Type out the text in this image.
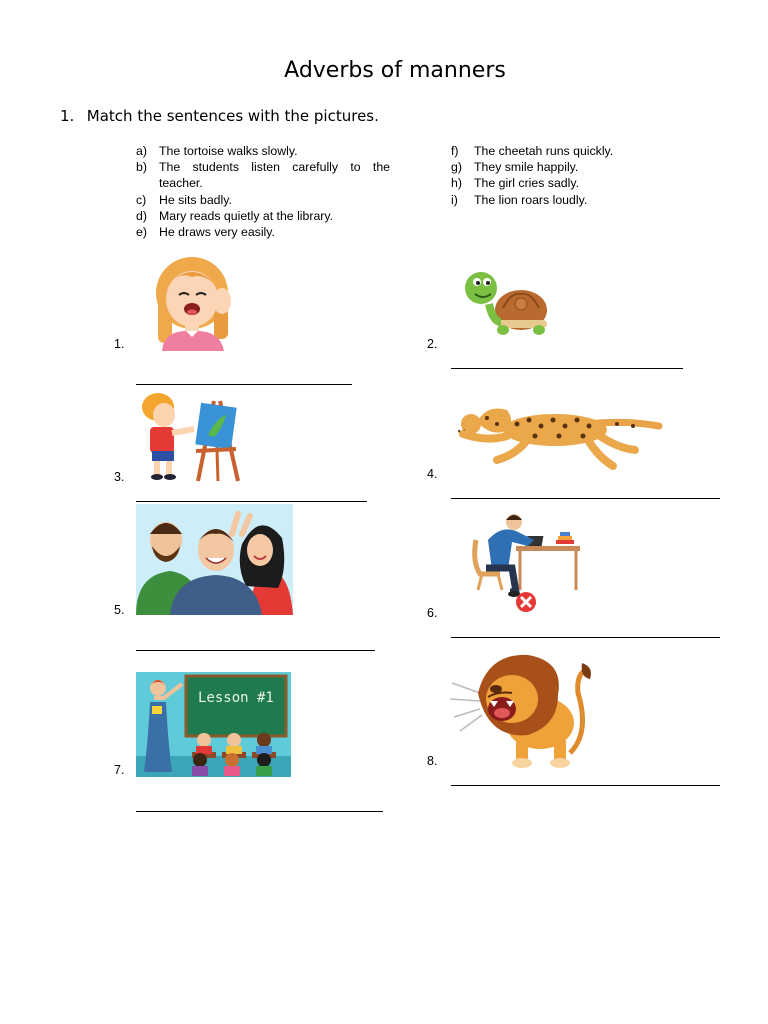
Adverbs of manners
1. Match the sentences with the pictures.
a) The tortoise walks slowly.
b) The students listen carefully to the teacher.
c)	He sits badly.
d) Mary reads quietly at the library.
e) He draws very easily.
f)	The cheetah runs quickly.
g) They smile happily.
h) The girl cries sadly.
i)	The lion roars loudly.
1.	2.
3.	4.
5.	6.
Lesson #1
7.
8.
